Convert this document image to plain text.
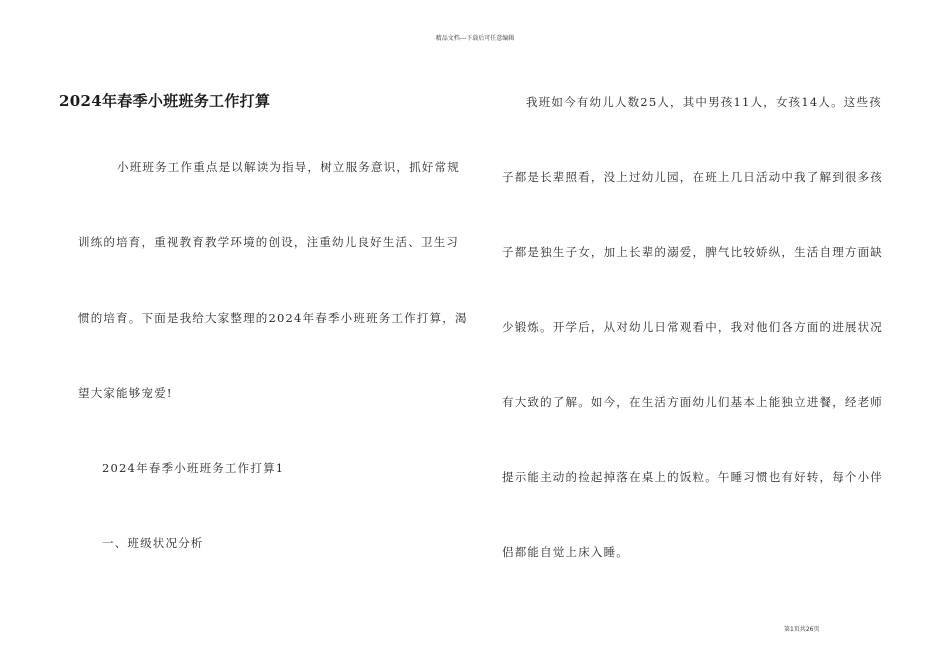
精品文档---下载后可任意编辑
2024年春季小班班务工作打算
小班班务工作重点是以解读为指导，树立服务意识，抓好常规
训练的培育，重视教育教学环境的创设，注重幼儿良好生活、卫生习
惯的培育。下面是我给大家整理的2024年春季小班班务工作打算，渴
望大家能够宠爱!
2024年春季小班班务工作打算1
一、班级状况分析
我班如今有幼儿人数25人，其中男孩11人，女孩14人。这些孩
子都是长辈照看，没上过幼儿园，在班上几日活动中我了解到很多孩
子都是独生子女，加上长辈的溺爱，脾气比较娇纵，生活自理方面缺
少锻炼。开学后，从对幼儿日常观看中，我对他们各方面的进展状况
有大致的了解。如今，在生活方面幼儿们基本上能独立进餐，经老师
提示能主动的捡起掉落在桌上的饭粒。午睡习惯也有好转，每个小伴
侣都能自觉上床入睡。
第1页共26页
